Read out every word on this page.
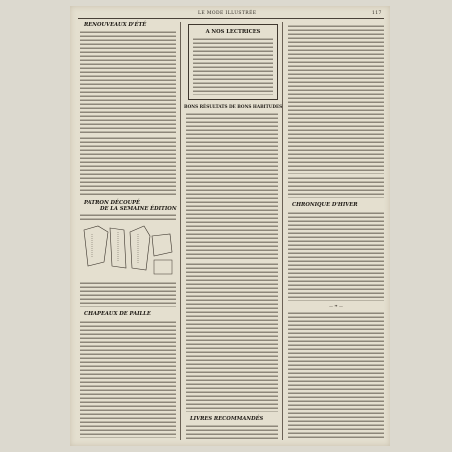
LE MODE ILLUSTRÉE	117
RENOUVEAUX D'ÉTÉ
PATRON DÉCOUPÉ
DE LA SEMAINE ÉDITION
CHAPEAUX DE PAILLE
A NOS LECTRICES
BONS RÉSULTATS DE BONS HABITUDES
LIVRES RECOMMANDÉS
CHRONIQUE D'HIVER
— ❧ —
